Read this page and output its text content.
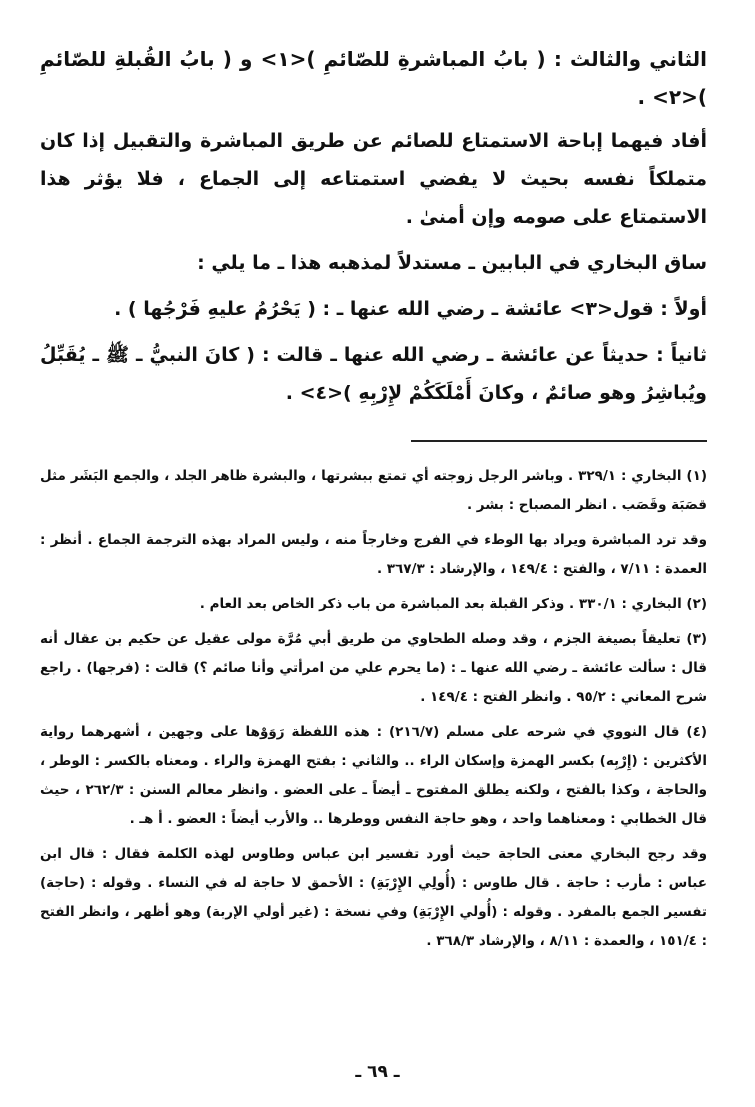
الثاني والثالث : ( بابُ المباشرةِ للصّائمِ )<١> و ( بابُ القُبلةِ للصّائمِ )<٢> .

أفاد فيهما إباحة الاستمتاع للصائم عن طريق المباشرة والتقبيل إذا كان متملكاً نفسه بحيث لا يفضي استمتاعه إلى الجماع ، فلا يؤثر هذا الاستمتاع على صومه وإن أمنىٰ .

ساق البخاري في البابين ـ مستدلاً لمذهبه هذا ـ ما يلي :

أولاً : قول<٣> عائشة ـ رضي الله عنها ـ : ( يَحْرُمُ عليهِ فَرْجُها ) .

ثانياً : حديثاً عن عائشة ـ رضي الله عنها ـ قالت : ( كانَ النبيُّ ـ ﷺ ـ يُقَبِّلُ ويُباشِرُ وهو صائمٌ ، وكانَ أَمْلَكَكُمْ لإِرْبِهِ )<٤> .

(١) البخاري : ٣٢٩/١ . وباشر الرجل زوجته أي تمتع ببشرتها ، والبشرة ظاهر الجلد ، والجمع البَشَر مثل قصَبَة وقَصَب . انظر المصباح : بشر .

وقد ترد المباشرة ويراد بها الوطء في الفرج وخارجاً منه ، وليس المراد بهذه الترجمة الجماع . أنظر : العمدة : ٧/١١ ، والفتح : ١٤٩/٤ ، والإرشاد : ٣٦٧/٣ .

(٢) البخاري : ٣٣٠/١ . وذكر القبلة بعد المباشرة من باب ذكر الخاص بعد العام .

(٣) تعليقاً بصيغة الجزم ، وقد وصله الطحاوي من طريق أبي مُرَّة مولى عقيل عن حكيم بن عقال أنه قال : سألت عائشة ـ رضي الله عنها ـ : (ما يحرم علي من امرأتي وأنا صائم ؟) قالت : (فرجها) . راجع شرح المعاني : ٩٥/٢ . وانظر الفتح : ١٤٩/٤ .

(٤) قال النووي في شرحه على مسلم (٢١٦/٧) : هذه اللفظة رَوَوْها على وجهين ، أشهرهما رواية الأكثرين : (إِرْبِه) بكسر الهمزة وإسكان الراء .. والثاني : بفتح الهمزة والراء . ومعناه بالكسر : الوطر ، والحاجة ، وكذا بالفتح ، ولكنه يطلق المفتوح ـ أيضاً ـ على العضو . وانظر معالم السنن : ٢٦٢/٣ ، حيث قال الخطابي : ومعناهما واحد ، وهو حاجة النفس ووطرها .. والأرب أيضاً : العضو . أ هـ .

وقد رجح البخاري معنى الحاجة حيث أورد تفسير ابن عباس وطاوس لهذه الكلمة فقال : قال ابن عباس : مأرب : حاجة . قال طاوس : (أُولِي الإِرْبَةِ) : الأحمق لا حاجة له في النساء . وقوله : (حاجة) تفسير الجمع بالمفرد . وقوله : (أُولي الإِرْبَةِ) وفي نسخة : (غير أولي الإربة) وهو أظهر ، وانظر الفتح : ١٥١/٤ ، والعمدة : ٨/١١ ، والإرشاد ٣٦٨/٣ .

ـ ٦٩ ـ
